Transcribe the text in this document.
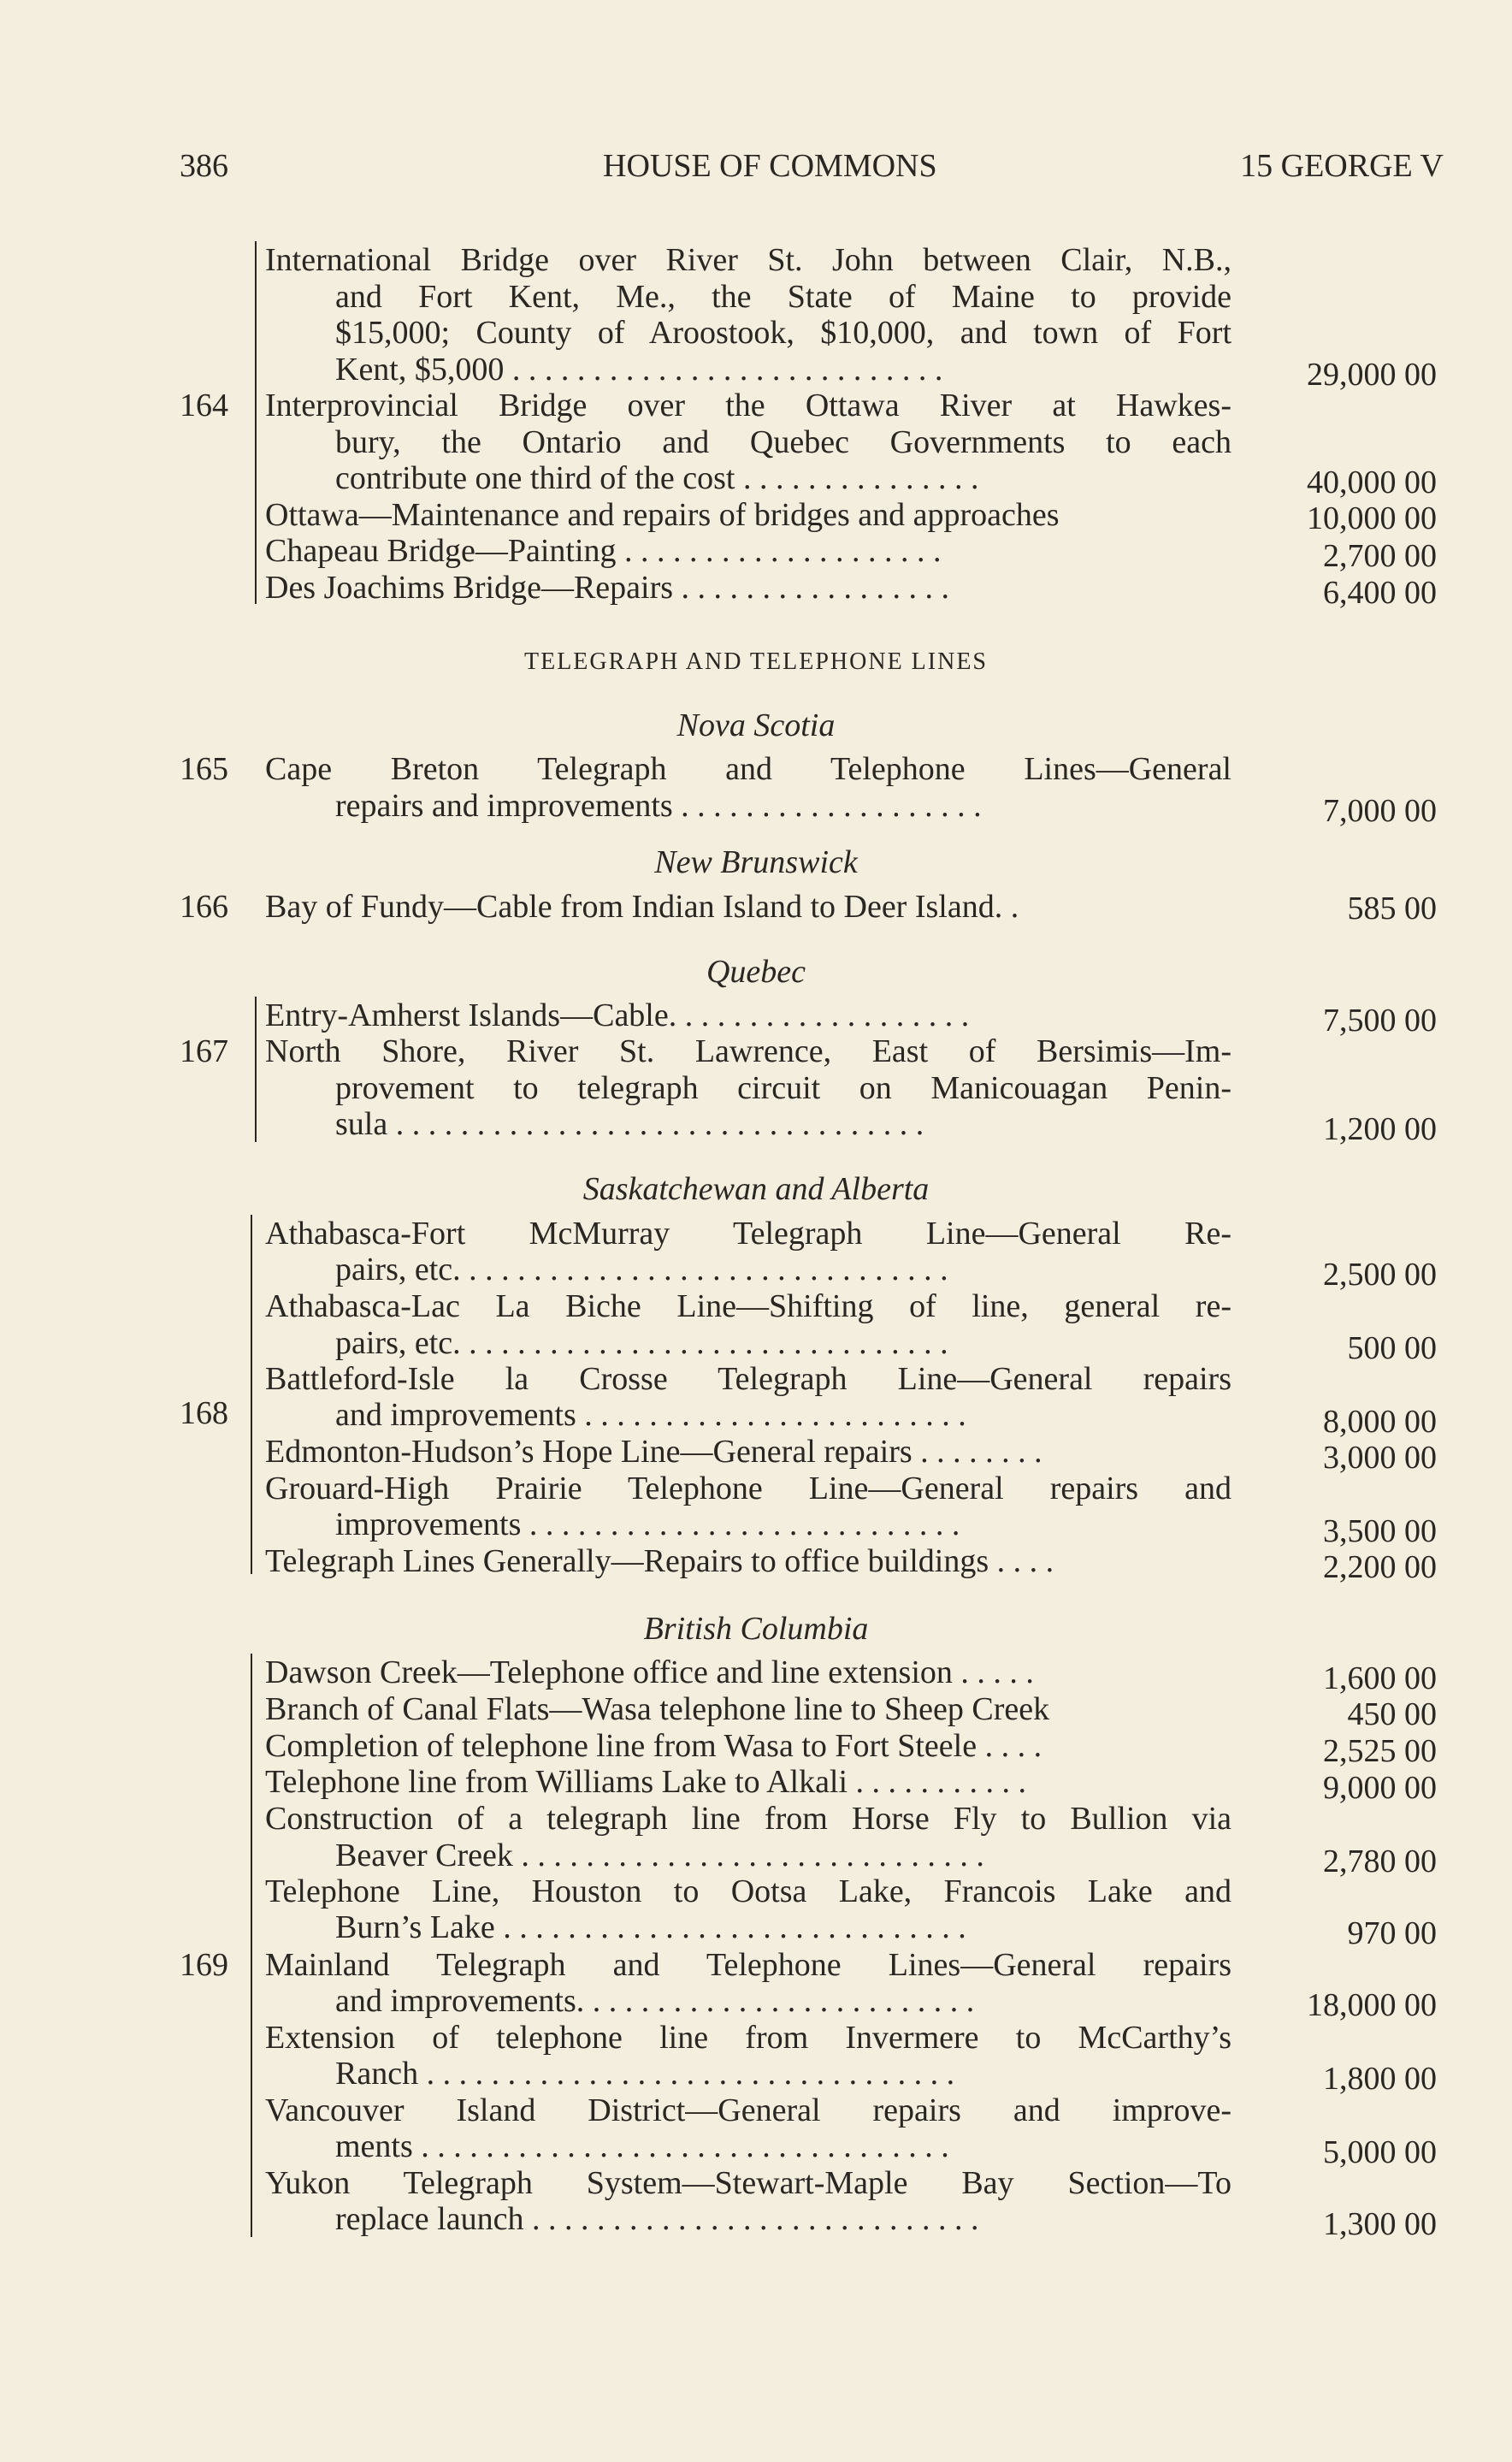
386	HOUSE OF COMMONS	15 GEORGE V
164
International Bridge over River St. John between Clair, N.B.,
and Fort Kent, Me., the State of Maine to provide
$15,000; County of Aroostook, $10,000, and town of Fort
Kent, $5,000 . . . . . . . . . . . . . . . . . . . . . . . . . . .	29,000 00
Interprovincial Bridge over the Ottawa River at Hawkes-
bury, the Ontario and Quebec Governments to each
contribute one third of the cost . . . . . . . . . . . . . . .	40,000 00
Ottawa—Maintenance and repairs of bridges and approaches	10,000 00
Chapeau Bridge—Painting . . . . . . . . . . . . . . . . . . . .	2,700 00
Des Joachims Bridge—Repairs . . . . . . . . . . . . . . . . .	6,400 00
TELEGRAPH AND TELEPHONE LINES
Nova Scotia
165	Cape Breton Telegraph and Telephone Lines—General
repairs and improvements . . . . . . . . . . . . . . . . . . .	7,000 00
New Brunswick
166	Bay of Fundy—Cable from Indian Island to Deer Island. .	585 00
Quebec
167
Entry-Amherst Islands—Cable. . . . . . . . . . . . . . . . . . .	7,500 00
North Shore, River St. Lawrence, East of Bersimis—Im-
provement to telegraph circuit on Manicouagan Penin-
sula . . . . . . . . . . . . . . . . . . . . . . . . . . . . . . . . .	1,200 00
Saskatchewan and Alberta
168
Athabasca-Fort McMurray Telegraph Line—General Re-
pairs, etc. . . . . . . . . . . . . . . . . . . . . . . . . . . . . . .	2,500 00
Athabasca-Lac La Biche Line—Shifting of line, general re-
pairs, etc. . . . . . . . . . . . . . . . . . . . . . . . . . . . . . .	500 00
Battleford-Isle la Crosse Telegraph Line—General repairs
and improvements . . . . . . . . . . . . . . . . . . . . . . . .	8,000 00
Edmonton-Hudson’s Hope Line—General repairs . . . . . . . .	3,000 00
Grouard-High Prairie Telephone Line—General repairs and
improvements . . . . . . . . . . . . . . . . . . . . . . . . . . .	3,500 00
Telegraph Lines Generally—Repairs to office buildings . . . .	2,200 00
British Columbia
169
Dawson Creek—Telephone office and line extension . . . . .	1,600 00
Branch of Canal Flats—Wasa telephone line to Sheep Creek	450 00
Completion of telephone line from Wasa to Fort Steele . . . .	2,525 00
Telephone line from Williams Lake to Alkali . . . . . . . . . . .	9,000 00
Construction of a telegraph line from Horse Fly to Bullion via
Beaver Creek . . . . . . . . . . . . . . . . . . . . . . . . . . . . .	2,780 00
Telephone Line, Houston to Ootsa Lake, Francois Lake and
Burn’s Lake . . . . . . . . . . . . . . . . . . . . . . . . . . . . .	970 00
Mainland Telegraph and Telephone Lines—General repairs
and improvements. . . . . . . . . . . . . . . . . . . . . . . . .	18,000 00
Extension of telephone line from Invermere to McCarthy’s
Ranch . . . . . . . . . . . . . . . . . . . . . . . . . . . . . . . . .	1,800 00
Vancouver Island District—General repairs and improve-
ments . . . . . . . . . . . . . . . . . . . . . . . . . . . . . . . . .	5,000 00
Yukon Telegraph System—Stewart-Maple Bay Section—To
replace launch . . . . . . . . . . . . . . . . . . . . . . . . . . . .	1,300 00
